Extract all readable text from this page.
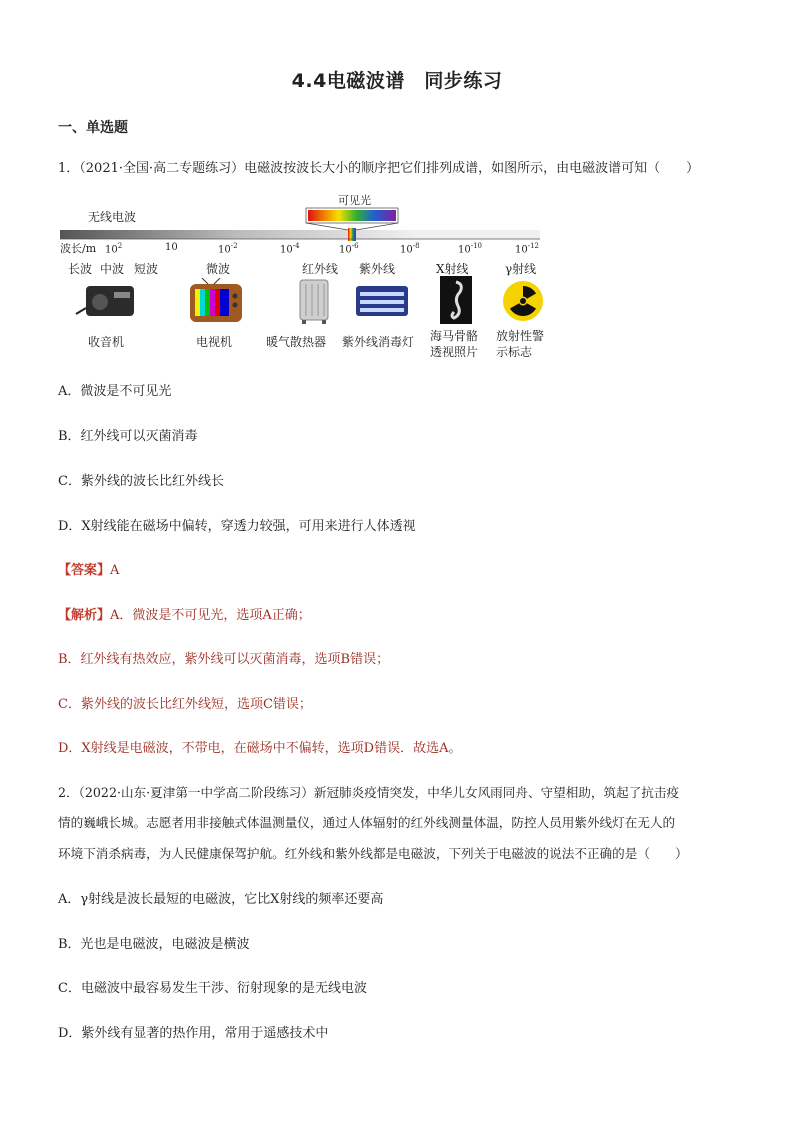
4.4电磁波谱　同步练习
一、单选题
1．（2021·全国·高二专题练习）电磁波按波长大小的顺序把它们排列成谱，如图所示，由电磁波谱可知（　　）
无线电波
可见光
波长/m $10^2$	10	$10^{-2}$	$10^{-4}$	$10^{-6}$	$10^{-8}$	$10^{-10}$	$10^{-12}$
长波 中波 短波	微波	红外线 紫外线	X射线	γ射线
收音机	电视机	暖气散热器 紫外线消毒灯 海马骨骼
透视照片
放射性警
示标志
A．微波是不可见光
B．红外线可以灭菌消毒
C．紫外线的波长比红外线长
D．X射线能在磁场中偏转，穿透力较强，可用来进行人体透视
【答案】A
【解析】A．微波是不可见光，选项A正确；
B．红外线有热效应，紫外线可以灭菌消毒，选项B错误；
C．紫外线的波长比红外线短，选项C错误；
D．X射线是电磁波，不带电，在磁场中不偏转，选项D错误．故选A。
2．（2022·山东·夏津第一中学高二阶段练习）新冠肺炎疫情突发，中华儿女风雨同舟、守望相助，筑起了抗击疫
情的巍峨长城。志愿者用非接触式体温测量仪，通过人体辐射的红外线测量体温，防控人员用紫外线灯在无人的
环境下消杀病毒，为人民健康保驾护航。红外线和紫外线都是电磁波，下列关于电磁波的说法不正确的是（　　）
A．γ射线是波长最短的电磁波，它比X射线的频率还要高
B．光也是电磁波，电磁波是横波
C．电磁波中最容易发生干涉、衍射现象的是无线电波
D．紫外线有显著的热作用，常用于遥感技术中
